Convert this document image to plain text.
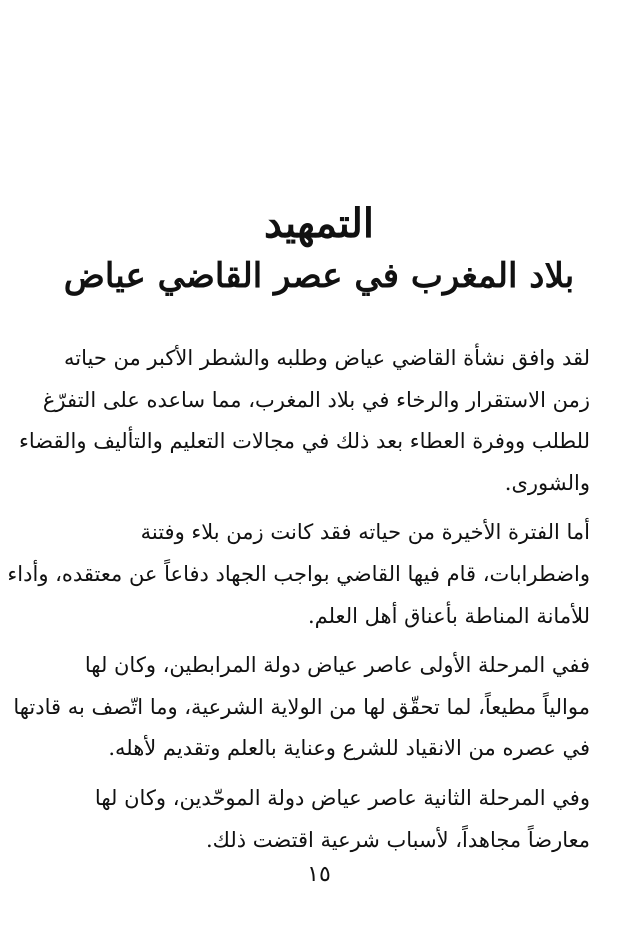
التمهيد
بلاد المغرب في عصر القاضي عياض

لقد وافق نشأة القاضي عياض وطلبه والشطر الأكبر من حياته
زمن الاستقرار والرخاء في بلاد المغرب، مما ساعده على التفرّغ
للطلب ووفرة العطاء بعد ذلك في مجالات التعليم والتأليف والقضاء
والشورى.

أما الفترة الأخيرة من حياته فقد كانت زمن بلاء وفتنة
واضطرابات، قام فيها القاضي بواجب الجهاد دفاعاً عن معتقده، وأداء
للأمانة المناطة بأعناق أهل العلم.

ففي المرحلة الأولى عاصر عياض دولة المرابطين، وكان لها
موالياً مطيعاً، لما تحقّق لها من الولاية الشرعية، وما اتّصف به قادتها
في عصره من الانقياد للشرع وعناية بالعلم وتقديم لأهله.

وفي المرحلة الثانية عاصر عياض دولة الموحّدين، وكان لها
معارضاً مجاهداً، لأسباب شرعية اقتضت ذلك.

١٥
